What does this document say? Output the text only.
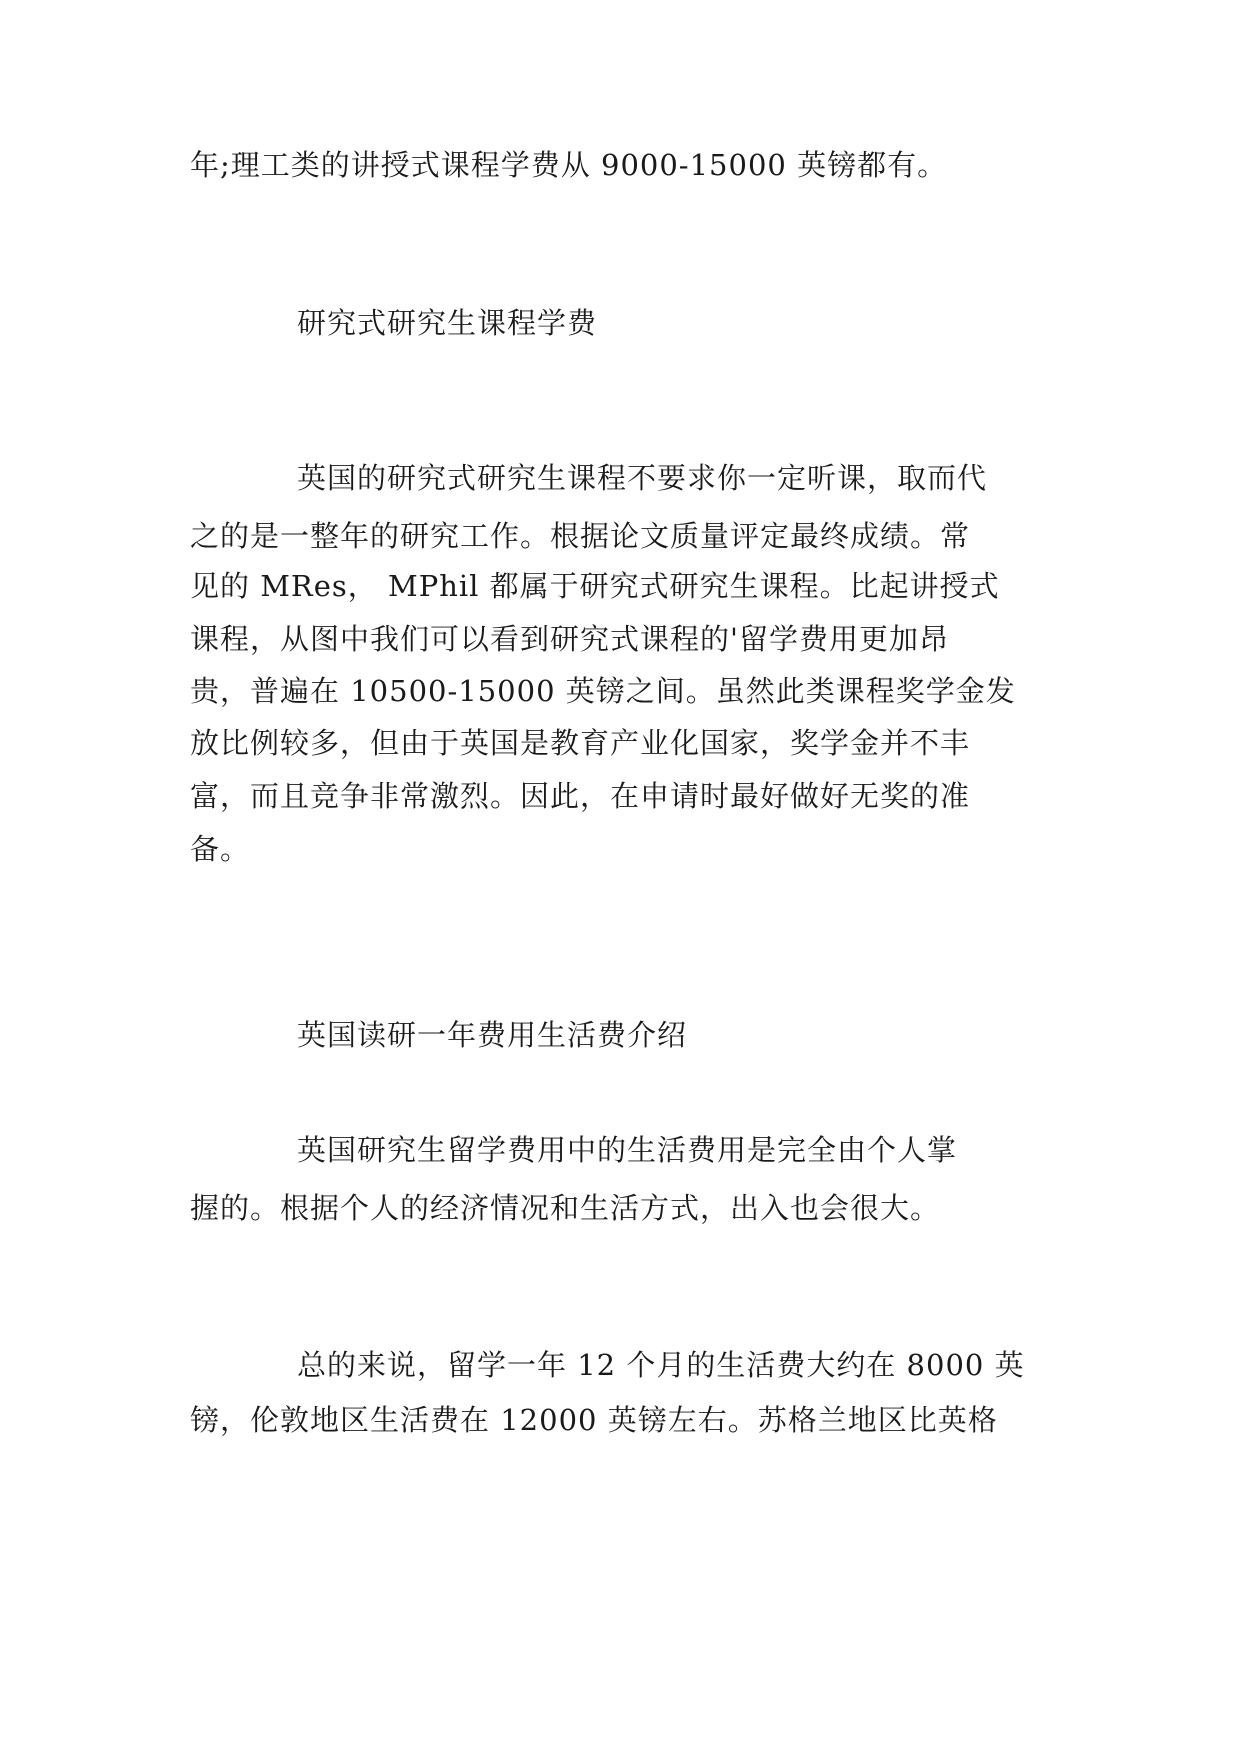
年;理工类的讲授式课程学费从 9000-15000 英镑都有。
研究式研究生课程学费
英国的研究式研究生课程不要求你一定听课，取而代
之的是一整年的研究工作。根据论文质量评定最终成绩。常
见的 MRes， MPhil 都属于研究式研究生课程。比起讲授式
课程，从图中我们可以看到研究式课程的'留学费用更加昂
贵，普遍在 10500-15000 英镑之间。虽然此类课程奖学金发
放比例较多，但由于英国是教育产业化国家，奖学金并不丰
富，而且竞争非常激烈。因此，在申请时最好做好无奖的准
备。
英国读研一年费用生活费介绍
英国研究生留学费用中的生活费用是完全由个人掌
握的。根据个人的经济情况和生活方式，出入也会很大。
总的来说，留学一年 12 个月的生活费大约在 8000 英
镑，伦敦地区生活费在 12000 英镑左右。苏格兰地区比英格
